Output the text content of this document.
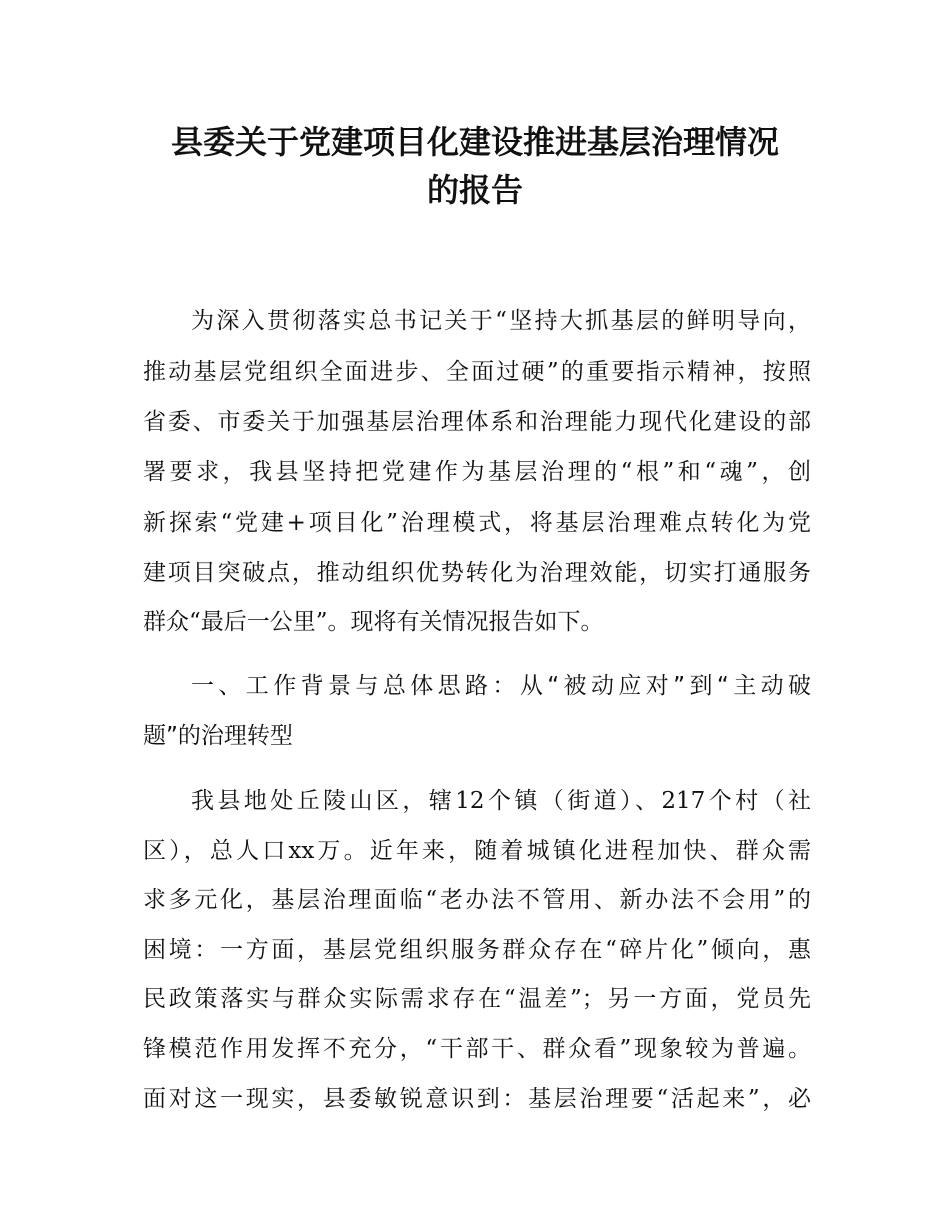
县委关于党建项目化建设推进基层治理情况
的报告

为深入贯彻落实总书记关于“坚持大抓基层的鲜明导向，

推动基层党组织全面进步、全面过硬”的重要指示精神，按照

省委、市委关于加强基层治理体系和治理能力现代化建设的部

署要求，我县坚持把党建作为基层治理的“根”和“魂”，创

新探索“党建+项目化”治理模式，将基层治理难点转化为党

建项目突破点，推动组织优势转化为治理效能，切实打通服务

群众“最后一公里”。现将有关情况报告如下。

一、工作背景与总体思路：从“被动应对”到“主动破

题”的治理转型

我县地处丘陵山区，辖12个镇（街道）、217个村（社

区），总人口xx万。近年来，随着城镇化进程加快、群众需

求多元化，基层治理面临“老办法不管用、新办法不会用”的

困境：一方面，基层党组织服务群众存在“碎片化”倾向，惠

民政策落实与群众实际需求存在“温差”；另一方面，党员先

锋模范作用发挥不充分，“干部干、群众看”现象较为普遍。

面对这一现实，县委敏锐意识到：基层治理要“活起来”，必
